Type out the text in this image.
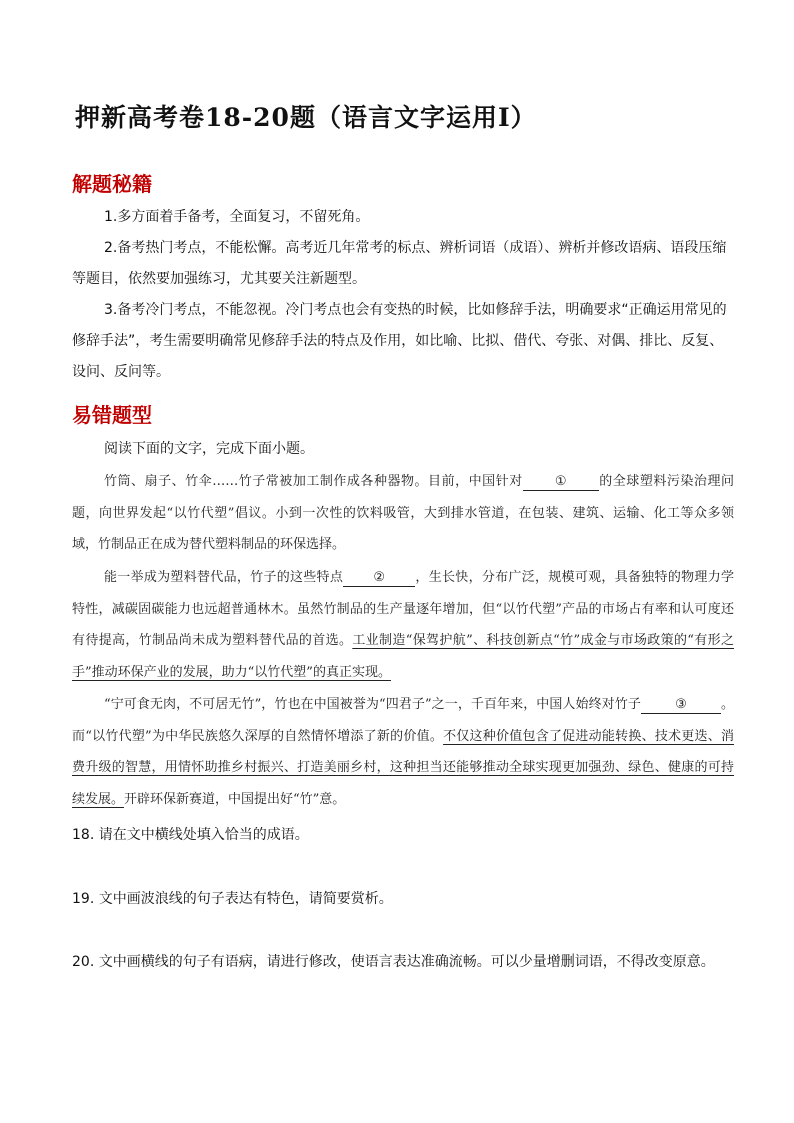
押新高考卷18-20题（语言文字运用Ⅰ）
解题秘籍
1.多方面着手备考，全面复习，不留死角。
2.备考热门考点，不能松懈。高考近几年常考的标点、辨析词语（成语）、辨析并修改语病、语段压缩等题目，依然要加强练习，尤其要关注新题型。
3.备考冷门考点，不能忽视。冷门考点也会有变热的时候，比如修辞手法，明确要求“正确运用常见的修辞手法”，考生需要明确常见修辞手法的特点及作用，如比喻、比拟、借代、夸张、对偶、排比、反复、设问、反问等。
易错题型
阅读下面的文字，完成下面小题。
竹筒、扇子、竹伞……竹子常被加工制作成各种器物。目前，中国针对 ① 的全球塑料污染治理问题，向世界发起“以竹代塑”倡议。小到一次性的饮料吸管，大到排水管道，在包装、建筑、运输、化工等众多领域，竹制品正在成为替代塑料制品的环保选择。
能一举成为塑料替代品，竹子的这些特点 ② ，生长快，分布广泛，规模可观，具备独特的物理力学特性，减碳固碳能力也远超普通林木。虽然竹制品的生产量逐年增加，但“以竹代塑”产品的市场占有率和认可度还有待提高，竹制品尚未成为塑料替代品的首选。工业制造“保驾护航”、科技创新点“竹”成金与市场政策的“有形之手”推动环保产业的发展，助力“以竹代塑”的真正实现。
“宁可食无肉，不可居无竹”，竹也在中国被誉为“四君子”之一，千百年来，中国人始终对竹子	③	。而“以竹代塑”为中华民族悠久深厚的自然情怀增添了新的价值。不仅这种价值包含了促进动能转换、技术更迭、消费升级的智慧，用情怀助推乡村振兴、打造美丽乡村，这种担当还能够推动全球实现更加强劲、绿色、健康的可持续发展。开辟环保新赛道，中国提出好“竹”意。
18. 请在文中横线处填入恰当的成语。
19. 文中画波浪线的句子表达有特色，请简要赏析。
20. 文中画横线的句子有语病，请进行修改，使语言表达准确流畅。可以少量增删词语，不得改变原意。
